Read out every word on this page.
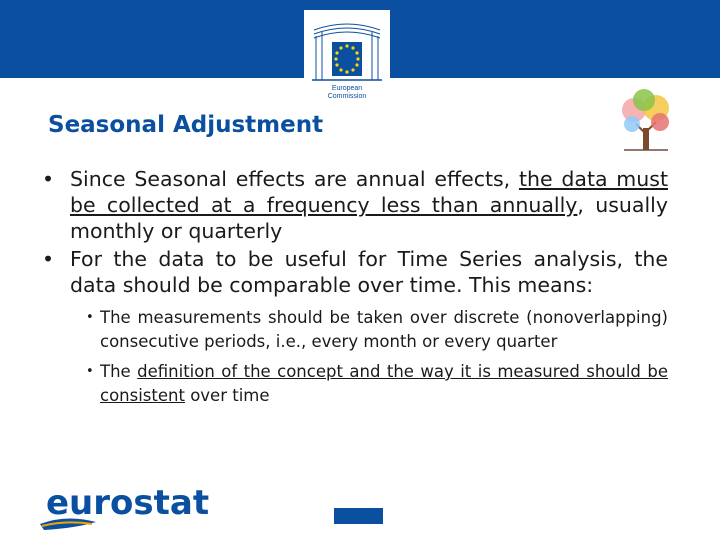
European
Commission
Seasonal Adjustment
• Since Seasonal effects are annual effects, the data must be collected at a frequency less than annually, usually monthly or quarterly
• For the data to be useful for Time Series analysis, the data should be comparable over time. This means:
• The measurements should be taken over discrete (nonoverlapping) consecutive periods, i.e., every month or every quarter
• The definition of the concept and the way it is measured should be consistent over time
eurostat
